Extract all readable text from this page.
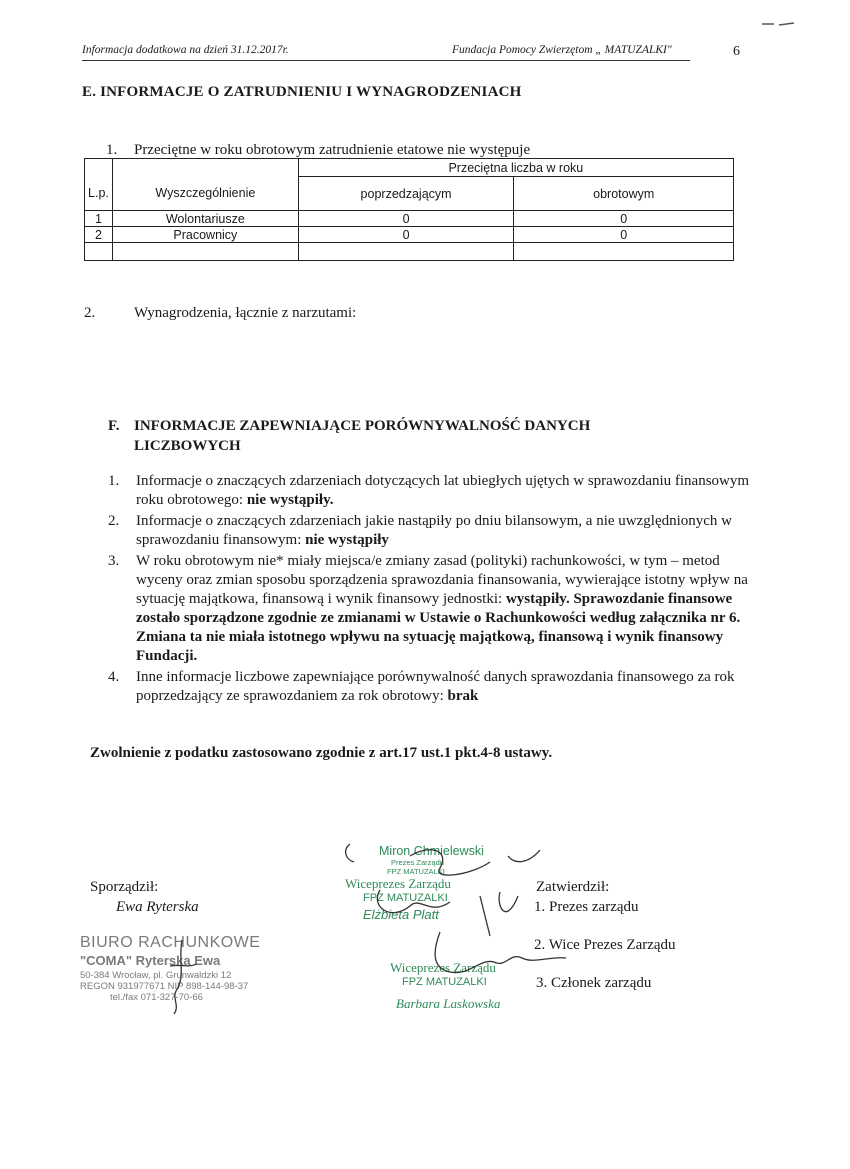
Informacja dodatkowa na dzień 31.12.2017r.	Fundacja Pomocy Zwierzętom „ MATUZALKI"	6
E. INFORMACJE O ZATRUDNIENIU I WYNAGRODZENIACH
1. Przeciętne w roku obrotowym zatrudnienie etatowe nie występuje
		Przeciętna liczba w roku	
L.p.	Wyszczególnienie	poprzedzającym	obrotowym
1	Wolontariusze	0	0
2	Pracownicy	0	0

2.	Wynagrodzenia, łącznie z narzutami:
F. INFORMACJE ZAPEWNIAJĄCE PORÓWNYWALNOŚĆ DANYCH
LICZBOWYCH
1. Informacje o znaczących zdarzeniach dotyczących lat ubiegłych ujętych w sprawozdaniu finansowym roku obrotowego: nie wystąpiły.
2. Informacje o znaczących zdarzeniach jakie nastąpiły po dniu bilansowym, a nie uwzględnionych w sprawozdaniu finansowym: nie wystąpiły
3. W roku obrotowym nie* miały miejsca/e zmiany zasad (polityki) rachunkowości, w tym – metod wyceny oraz zmian sposobu sporządzenia sprawozdania finansowania, wywierające istotny wpływ na sytuację majątkowa, finansową i wynik finansowy jednostki: wystąpiły. Sprawozdanie finansowe zostało sporządzone zgodnie ze zmianami w Ustawie o Rachunkowości według załącznika nr 6. Zmiana ta nie miała istotnego wpływu na sytuację majątkową, finansową i wynik finansowy Fundacji.
4. Inne informacje liczbowe zapewniające porównywalność danych sprawozdania finansowego za rok poprzedzający ze sprawozdaniem za rok obrotowy: brak
Zwolnienie z podatku zastosowano zgodnie z art.17 ust.1 pkt.4-8 ustawy.
Sporządził:
Ewa Ryterska
BIURO RACHUNKOWE
"COMA" Ryterska Ewa
50-384 Wrocław, pl. Grunwaldzki 12
REGON 931977671 NIP 898-144-98-37
tel./fax 071-327-70-66
Miron Chmielewski
Prezes Zarządu
FPZ MATUZALKI
Wiceprezes Zarządu
FPZ MATUZALKI
Elżbieta Platt
Wiceprezes Zarządu
FPZ MATUZALKI
Barbara Laskowska
Zatwierdził:
1. Prezes zarządu
2. Wice Prezes Zarządu
3. Członek zarządu
